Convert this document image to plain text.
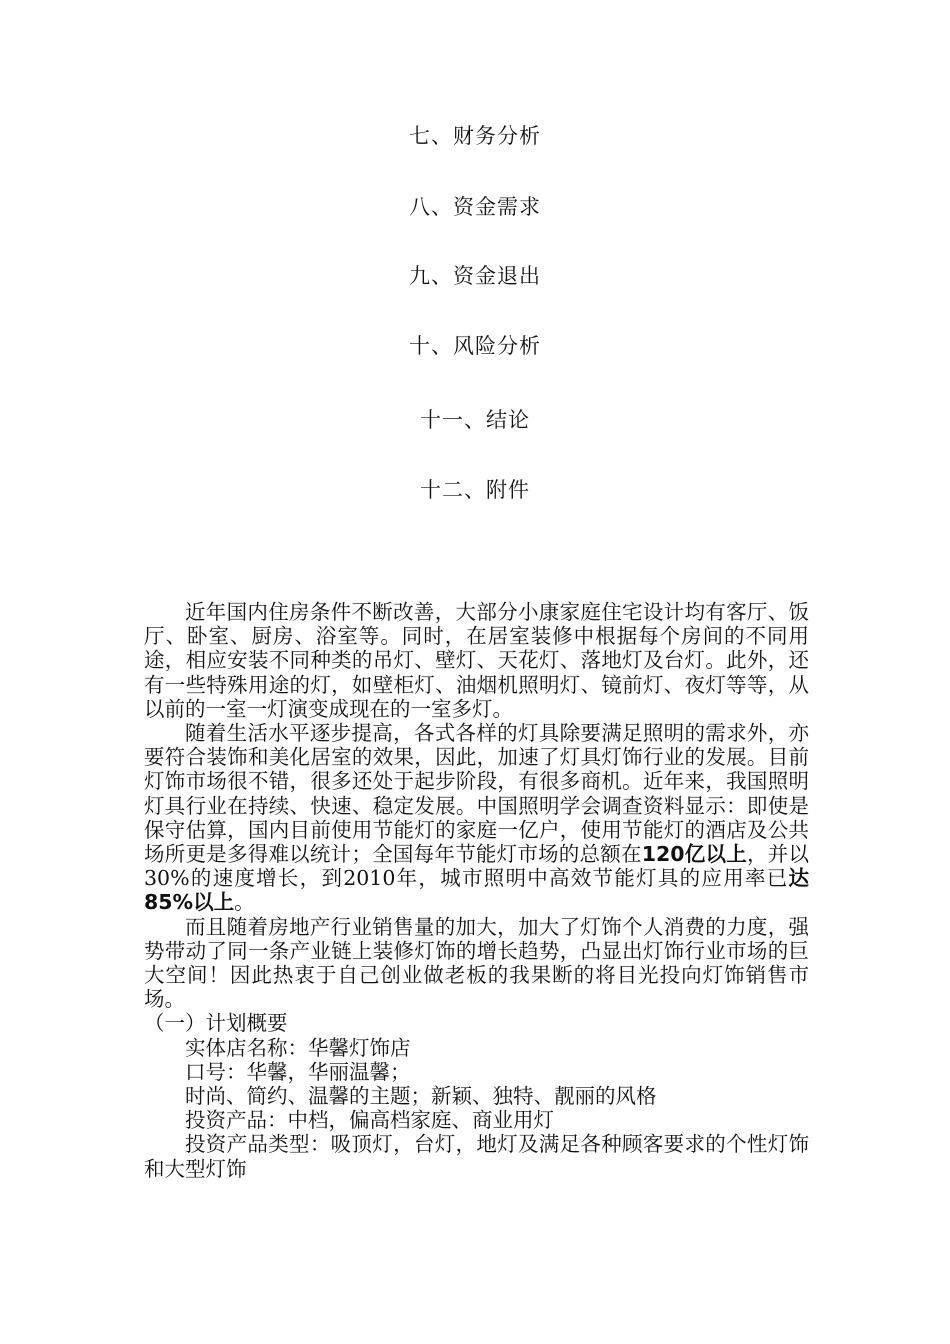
七、财务分析
八、资金需求
九、资金退出
十、风险分析
十一、结论
十二、附件

近年国内住房条件不断改善，大部分小康家庭住宅设计均有客厅、饭厅、卧室、厨房、浴室等。同时，在居室装修中根据每个房间的不同用途，相应安装不同种类的吊灯、壁灯、天花灯、落地灯及台灯。此外，还有一些特殊用途的灯，如壁柜灯、油烟机照明灯、镜前灯、夜灯等等，从以前的一室一灯演变成现在的一室多灯。

随着生活水平逐步提高，各式各样的灯具除要满足照明的需求外，亦要符合装饰和美化居室的效果，因此，加速了灯具灯饰行业的发展。目前灯饰市场很不错，很多还处于起步阶段，有很多商机。近年来，我国照明灯具行业在持续、快速、稳定发展。中国照明学会调查资料显示：即使是保守估算，国内目前使用节能灯的家庭一亿户，使用节能灯的酒店及公共场所更是多得难以统计；全国每年节能灯市场的总额在120亿以上，并以30%的速度增长，到2010年，城市照明中高效节能灯具的应用率已达85%以上。

而且随着房地产行业销售量的加大，加大了灯饰个人消费的力度，强势带动了同一条产业链上装修灯饰的增长趋势，凸显出灯饰行业市场的巨大空间！因此热衷于自己创业做老板的我果断的将目光投向灯饰销售市场。

（一）计划概要

实体店名称：华馨灯饰店

口号：华馨，华丽温馨；

时尚、简约、温馨的主题；新颖、独特、靓丽的风格

投资产品：中档，偏高档家庭、商业用灯

投资产品类型：吸顶灯，台灯，地灯及满足各种顾客要求的个性灯饰和大型灯饰
